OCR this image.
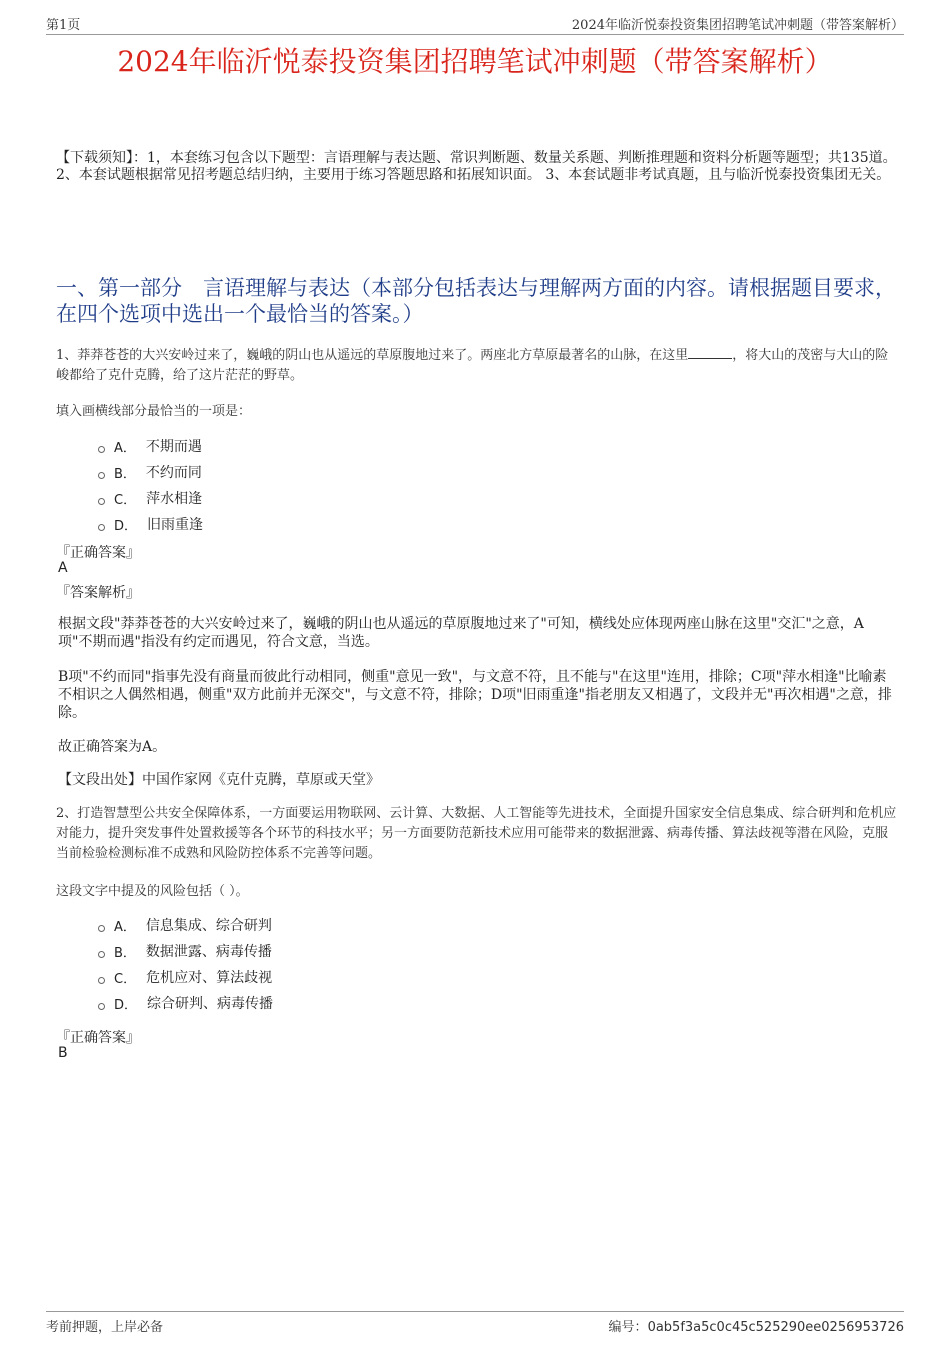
第1页	2024年临沂悦泰投资集团招聘笔试冲刺题（带答案解析）
2024年临沂悦泰投资集团招聘笔试冲刺题（带答案解析）
【下载须知】：1，本套练习包含以下题型：言语理解与表达题、常识判断题、数量关系题、判断推理题和资料分析题等题型；共135道。 2、本套试题根据常见招考题总结归纳，主要用于练习答题思路和拓展知识面。 3、本套试题非考试真题，且与临沂悦泰投资集团无关。
一、第一部分　言语理解与表达（本部分包括表达与理解两方面的内容。请根据题目要求，在四个选项中选出一个最恰当的答案。）
1、莽莽苍苍的大兴安岭过来了，巍峨的阴山也从遥远的草原腹地过来了。两座北方草原最著名的山脉，在这里	，将大山的茂密与大山的险峻都给了克什克腾，给了这片茫茫的野草。
填入画横线部分最恰当的一项是：
A． 不期而遇
B． 不约而同
C． 萍水相逢
D． 旧雨重逢
『正确答案』
A
『答案解析』
根据文段"莽莽苍苍的大兴安岭过来了，巍峨的阴山也从遥远的草原腹地过来了"可知，横线处应体现两座山脉在这里"交汇"之意，A项"不期而遇"指没有约定而遇见，符合文意，当选。
B项"不约而同"指事先没有商量而彼此行动相同，侧重"意见一致"，与文意不符，且不能与"在这里"连用，排除；C项"萍水相逢"比喻素不相识之人偶然相遇，侧重"双方此前并无深交"，与文意不符，排除；D项"旧雨重逢"指老朋友又相遇了，文段并无"再次相遇"之意，排除。
故正确答案为A。
【文段出处】中国作家网《克什克腾，草原或天堂》
2、打造智慧型公共安全保障体系，一方面要运用物联网、云计算、大数据、人工智能等先进技术，全面提升国家安全信息集成、综合研判和危机应对能力，提升突发事件处置救援等各个环节的科技水平；另一方面要防范新技术应用可能带来的数据泄露、病毒传播、算法歧视等潜在风险，克服当前检验检测标准不成熟和风险防控体系不完善等问题。
这段文字中提及的风险包括（ ）。
A． 信息集成、综合研判
B． 数据泄露、病毒传播
C． 危机应对、算法歧视
D． 综合研判、病毒传播
『正确答案』
B
考前押题，上岸必备	编号：0ab5f3a5c0c45c525290ee0256953726
